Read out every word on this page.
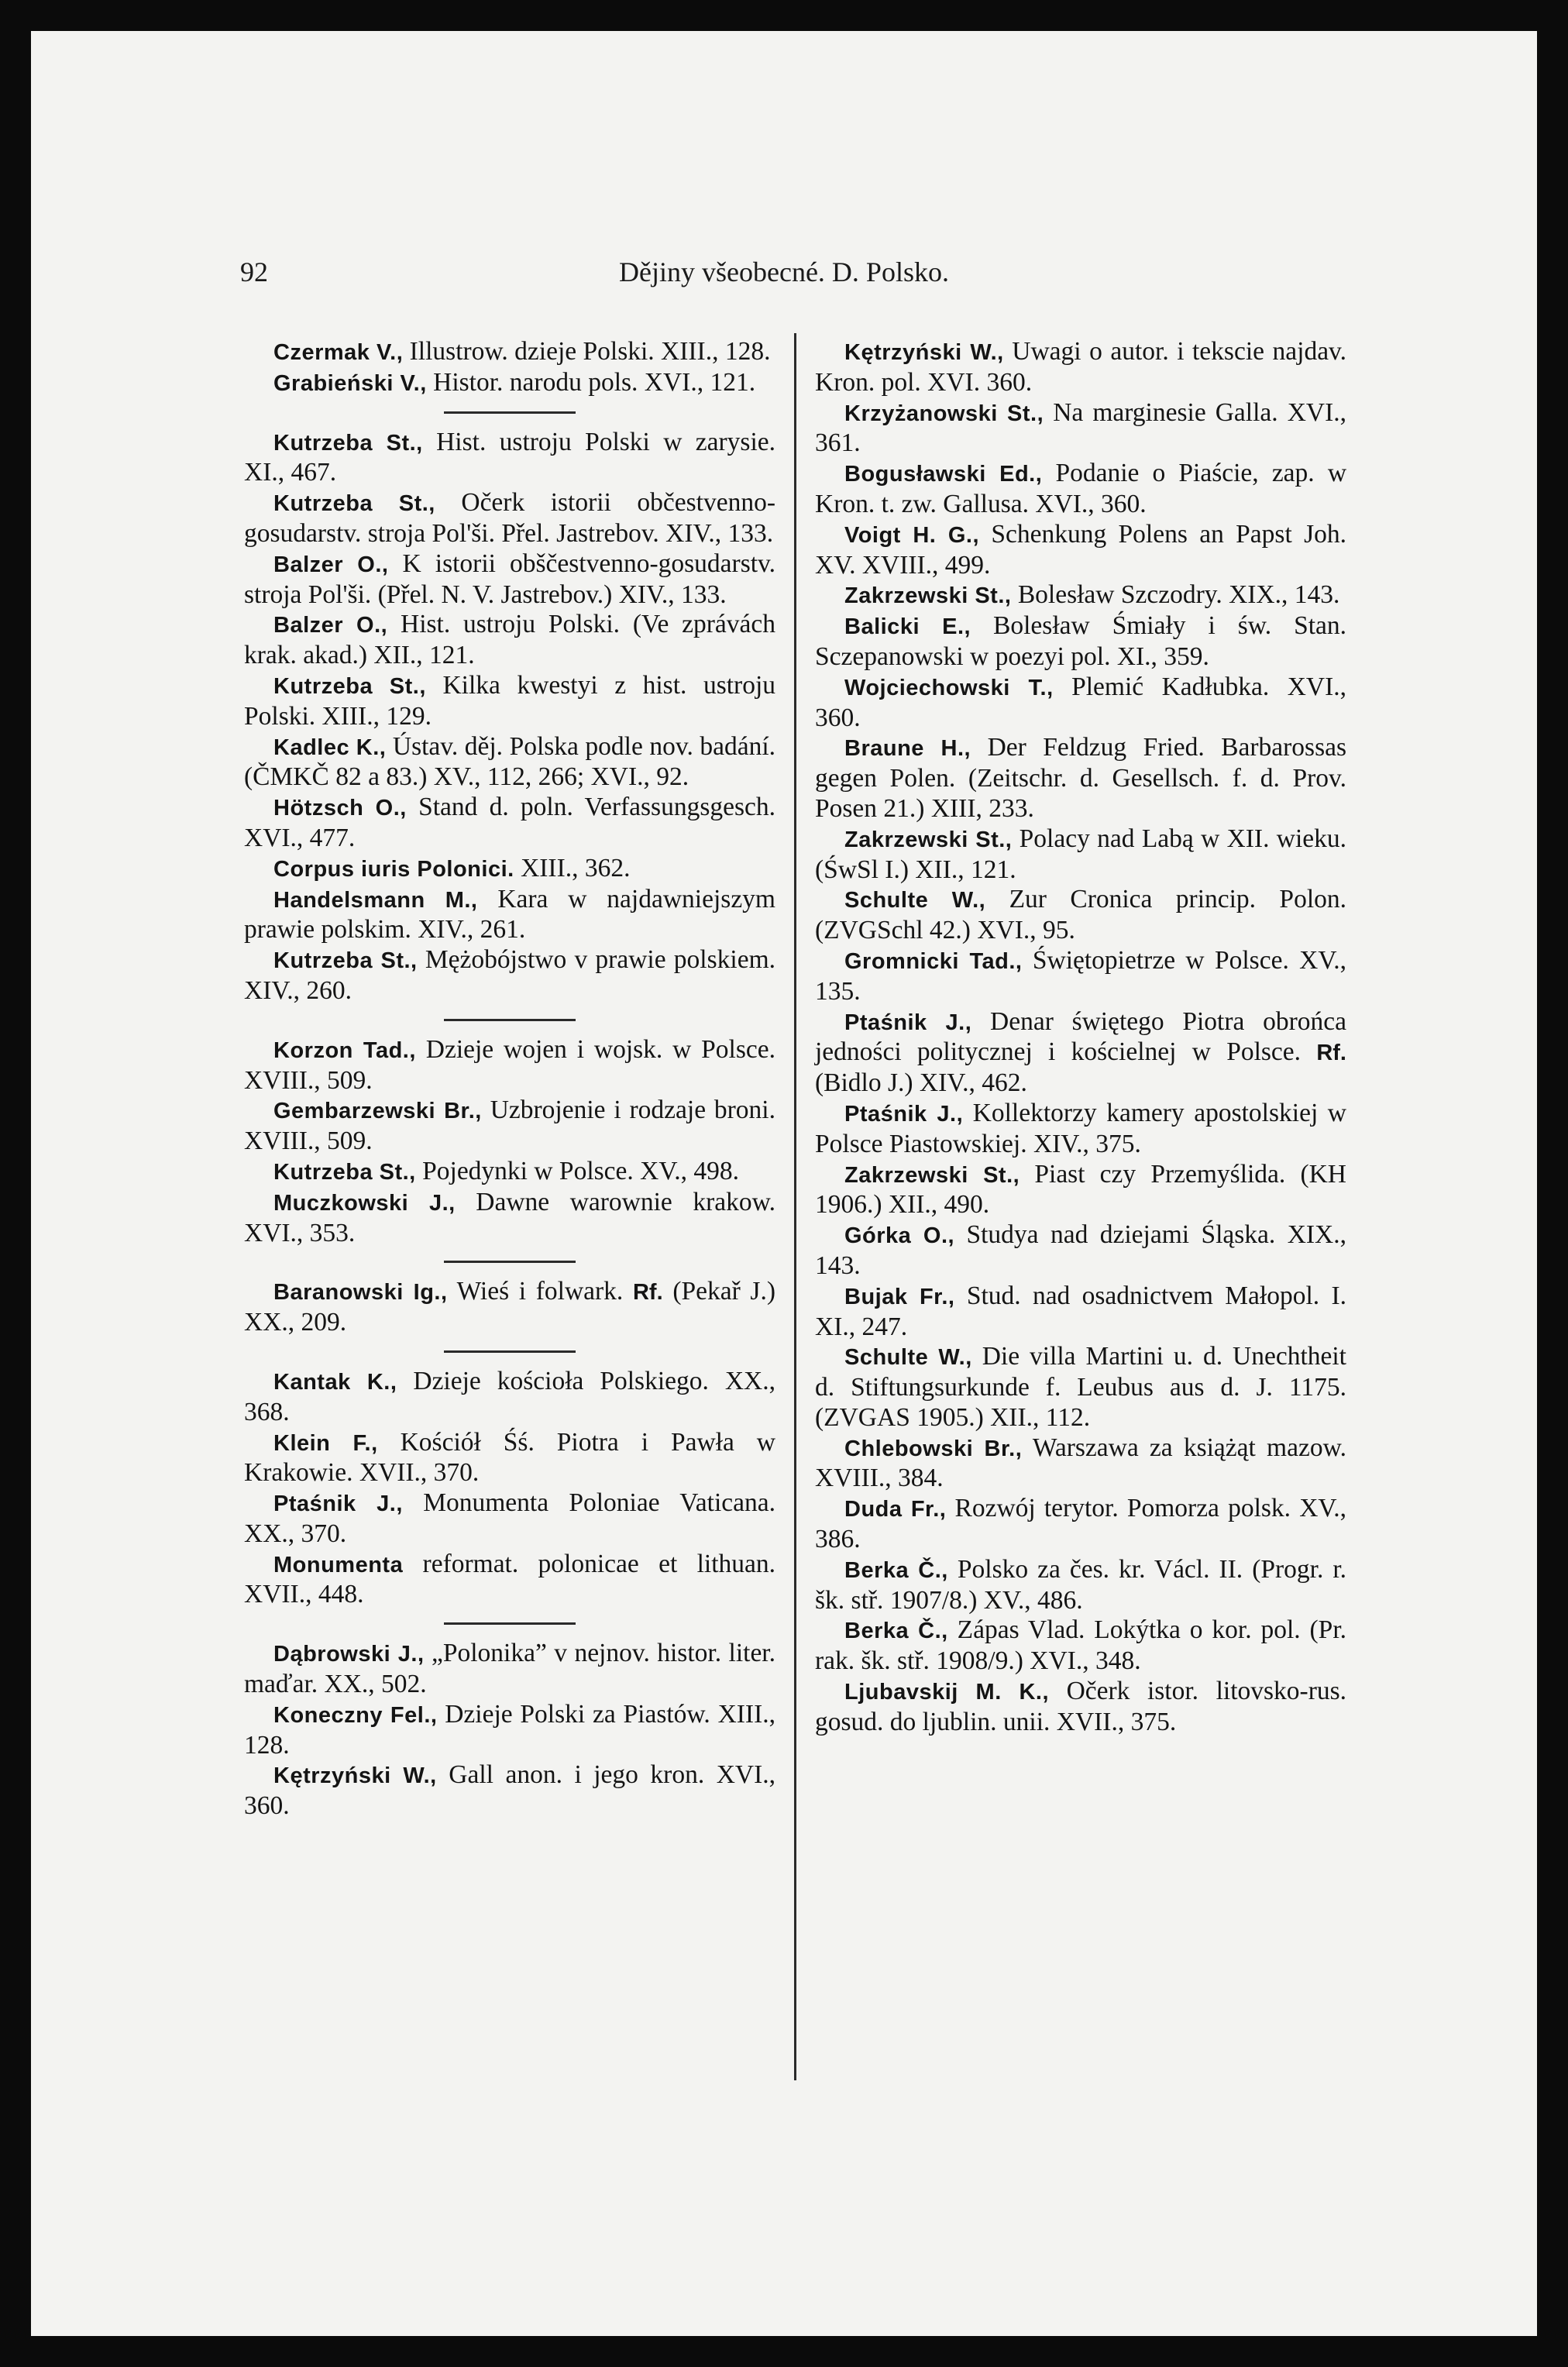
92	Dějiny všeobecné. D. Polsko.

Czermak V., Illustrow. dzieje Polski. XIII., 128.

Grabieński V., Histor. narodu pols. XVI., 121.

Kutrzeba St., Hist. ustroju Polski w zarysie. XI., 467.

Kutrzeba St., Očerk istorii občestvenno-gosudarstv. stroja Pol'ši. Přel. Jastrebov. XIV., 133.

Balzer O., K istorii obščestvenno-gosudarstv. stroja Pol'ši. (Přel. N. V. Jastrebov.) XIV., 133.

Balzer O., Hist. ustroju Polski. (Ve zprávách krak. akad.) XII., 121.

Kutrzeba St., Kilka kwestyi z hist. ustroju Polski. XIII., 129.

Kadlec K., Ústav. děj. Polska podle nov. badání. (ČMKČ 82 a 83.) XV., 112, 266; XVI., 92.

Hötzsch O., Stand d. poln. Verfassungsgesch. XVI., 477.

Corpus iuris Polonici. XIII., 362.

Handelsmann M., Kara w najdawniejszym prawie polskim. XIV., 261.

Kutrzeba St., Mężobójstwo v prawie polskiem. XIV., 260.

Korzon Tad., Dzieje wojen i wojsk. w Polsce. XVIII., 509.

Gembarzewski Br., Uzbrojenie i rodzaje broni. XVIII., 509.

Kutrzeba St., Pojedynki w Polsce. XV., 498.

Muczkowski J., Dawne warownie krakow. XVI., 353.

Baranowski Ig., Wieś i folwark. Rf. (Pekař J.) XX., 209.

Kantak K., Dzieje kościoła Polskiego. XX., 368.

Klein F., Kościół Śś. Piotra i Pawła w Krakowie. XVII., 370.

Ptaśnik J., Monumenta Poloniae Vaticana. XX., 370.

Monumenta reformat. polonicae et lithuan. XVII., 448.

Dąbrowski J., „Polonika” v nejnov. histor. liter. maďar. XX., 502.

Koneczny Fel., Dzieje Polski za Piastów. XIII., 128.

Kętrzyński W., Gall anon. i jego kron. XVI., 360.

Kętrzyński W., Uwagi o autor. i tekscie najdav. Kron. pol. XVI. 360.

Krzyżanowski St., Na marginesie Galla. XVI., 361.

Bogusławski Ed., Podanie o Piaście, zap. w Kron. t. zw. Gallusa. XVI., 360.

Voigt H. G., Schenkung Polens an Papst Joh. XV. XVIII., 499.

Zakrzewski St., Bolesław Szczodry. XIX., 143.

Balicki E., Bolesław Śmiały i św. Stan. Sczepanowski w poezyi pol. XI., 359.

Wojciechowski T., Plemić Kadłubka. XVI., 360.

Braune H., Der Feldzug Fried. Barbarossas gegen Polen. (Zeitschr. d. Gesellsch. f. d. Prov. Posen 21.) XIII, 233.

Zakrzewski St., Polacy nad Labą w XII. wieku. (ŚwSl I.) XII., 121.

Schulte W., Zur Cronica princip. Polon. (ZVGSchl 42.) XVI., 95.

Gromnicki Tad., Świętopietrze w Polsce. XV., 135.

Ptaśnik J., Denar świętego Piotra obrońca jedności politycznej i kościelnej w Polsce. Rf. (Bidlo J.) XIV., 462.

Ptaśnik J., Kollektorzy kamery apostolskiej w Polsce Piastowskiej. XIV., 375.

Zakrzewski St., Piast czy Przemyślida. (KH 1906.) XII., 490.

Górka O., Studya nad dziejami Śląska. XIX., 143.

Bujak Fr., Stud. nad osadnictvem Małopol. I. XI., 247.

Schulte W., Die villa Martini u. d. Unechtheit d. Stiftungsurkunde f. Leubus aus d. J. 1175. (ZVGAS 1905.) XII., 112.

Chlebowski Br., Warszawa za książąt mazow. XVIII., 384.

Duda Fr., Rozwój terytor. Pomorza polsk. XV., 386.

Berka Č., Polsko za čes. kr. Václ. II. (Progr. r. šk. stř. 1907/8.) XV., 486.

Berka Č., Zápas Vlad. Lokýtka o kor. pol. (Pr. rak. šk. stř. 1908/9.) XVI., 348.

Ljubavskij M. K., Očerk istor. litovsko-rus. gosud. do ljublin. unii. XVII., 375.
